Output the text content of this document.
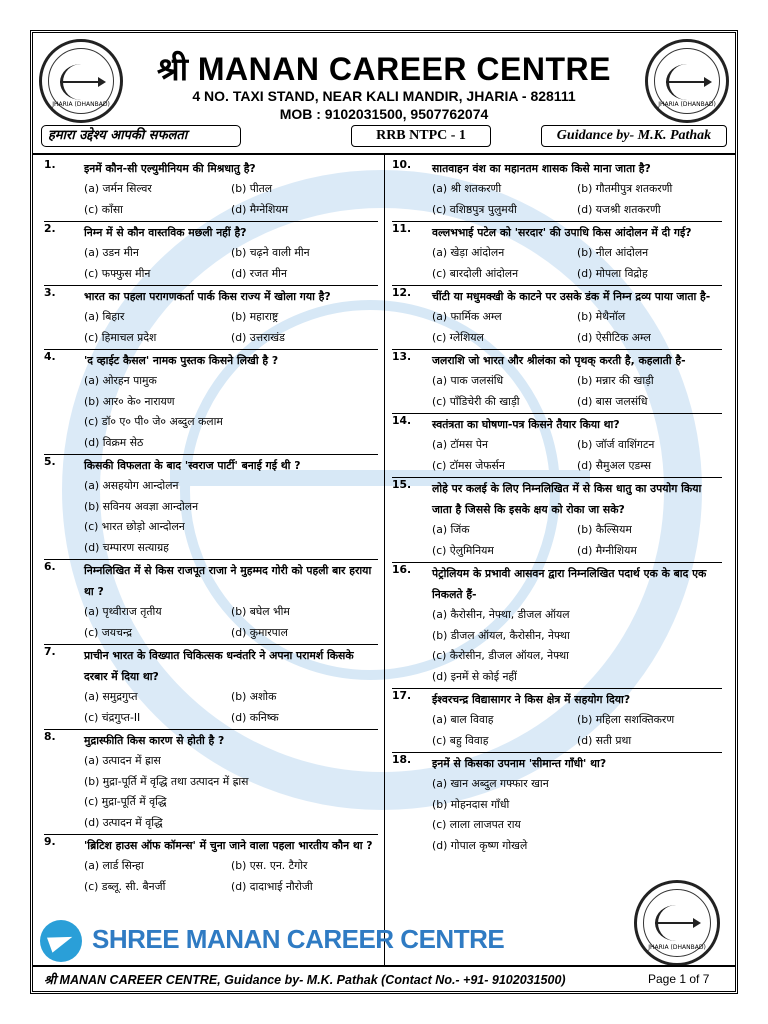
JHARIA (DHANBAD)
श्री MANAN CAREER CENTRE
4 NO. TAXI STAND, NEAR KALI MANDIR, JHARIA - 828111
MOB : 9102031500, 9507762074
हमारा उद्देश्य आपकी सफलता	RRB NTPC - 1	Guidance by- M.K. Pathak
JHARIA (DHANBAD)
1.	इनमें कौन-सी एल्युमीनियम की मिश्रधातु है?
(a) जर्मन सिल्वर	(b) पीतल
(c) काँसा	(d) मैग्नेशियम
2.	निम्न में से कौन वास्तविक मछली नहीं है?
(a) उडन मीन	(b) चढ़ने वाली मीन
(c) फफ्फुस मीन	(d) रजत मीन
3.	भारत का पहला परागणकर्ता पार्क किस राज्य में खोला गया है?
(a) बिहार	(b) महाराष्ट्र
(c) हिमाचल प्रदेश	(d) उत्तराखंड
4.	'द व्हाईट कैसल' नामक पुस्तक किसने लिखी है ?
(a) ओरहन पामुक
(b) आर० के० नारायण
(c) डॉ० ए० पी० जे० अब्दुल कलाम
(d) विक्रम सेठ
5.	किसकी विफलता के बाद 'स्वराज पार्टी' बनाई गई थी ?
(a) असहयोग आन्दोलन
(b) सविनय अवज्ञा आन्दोलन
(c) भारत छोड़ो आन्दोलन
(d) चम्पारण सत्याग्रह
6.	निम्नलिखित में से किस राजपूत राजा ने मुहम्मद गोरी को पहली बार हराया था ?
(a) पृथ्वीराज तृतीय	(b) बघेल भीम
(c) जयचन्द्र	(d) कुमारपाल
7.	प्राचीन भारत के विख्यात चिकित्सक धन्वंतरि ने अपना परामर्श किसके दरबार में दिया था?
(a) समुद्रगुप्त	(b) अशोक
(c) चंद्रगुप्त-II	(d) कनिष्क
8.	मुद्रास्फीति किस कारण से होती है ?
(a) उत्पादन में ह्रास
(b) मुद्रा-पूर्ति में वृद्धि तथा उत्पादन में ह्रास
(c) मुद्रा-पूर्ति में वृद्धि
(d) उत्पादन में वृद्धि
9.	'ब्रिटिश हाउस ऑफ कॉमन्स' में चुना जाने वाला पहला भारतीय कौन था ?
(a) लार्ड सिन्हा	(b) एस. एन. टैगोर
(c) डब्लू. सी. बैनर्जी	(d) दादाभाई नौरोजी
10.	सातवाहन वंश का महानतम शासक किसे माना जाता है?
(a) श्री शतकरणी	(b) गौतमीपुत्र शतकरणी
(c) वशिष्ठपुत्र पुलुमयी	(d) यजश्री शतकरणी
11.	वल्लभभाई पटेल को 'सरदार' की उपाधि किस आंदोलन में दी गई?
(a) खेड़ा आंदोलन	(b) नील आंदोलन
(c) बारदोली आंदोलन	(d) मोपला विद्रोह
12.	चींटी या मधुमक्खी के काटने पर उसके डंक में निम्न द्रव्य पाया जाता है-
(a) फार्मिक अम्ल	(b) मेथैनॉल
(c) ग्लेशियल	(d) ऐसीटिक अम्ल
13.	जलराशि जो भारत और श्रीलंका को पृथक् करती है, कहलाती है-
(a) पाक जलसंधि	(b) मन्नार की खाड़ी
(c) पॉंडिचेरी की खाड़ी	(d) बास जलसंधि
14.	स्वतंत्रता का घोषणा-पत्र किसने तैयार किया था?
(a) टॉमस पेन	(b) जॉर्ज वाशिंगटन
(c) टॉमस जेफर्सन	(d) सैमुअल एडम्स
15.	लोहे पर कलई के लिए निम्नलिखित में से किस धातु का उपयोग किया जाता है जिससे कि इसके क्षय को रोका जा सके?
(a) जिंक	(b) कैल्सियम
(c) ऐलुमिनियम	(d) मैग्नीशियम
16.	पेट्रोलियम के प्रभावी आसवन द्वारा निम्नलिखित पदार्थ एक के बाद एक निकलते हैं-
(a) कैरोसीन, नेफ्था, डीजल ऑयल
(b) डीजल ऑयल, कैरोसीन, नेफ्था
(c) कैरोसीन, डीजल ऑयल, नेफ्था
(d) इनमें से कोई नहीं
17.	ईश्वरचन्द्र विद्यासागर ने किस क्षेत्र में सहयोग दिया?
(a) बाल विवाह	(b) महिला सशक्तिकरण
(c) बहु विवाह	(d) सती प्रथा
18.	इनमें से किसका उपनाम 'सीमान्त गाँधी' था?
(a) खान अब्दुल गफ्फार खान
(b) मोहनदास गाँधी
(c) लाला लाजपत राय
(d) गोपाल कृष्ण गोखले
SHREE MANAN CAREER CENTRE	JHARIA (DHANBAD)
श्री MANAN CAREER CENTRE, Guidance by- M.K. Pathak (Contact No.- +91- 9102031500)	Page 1 of 7
